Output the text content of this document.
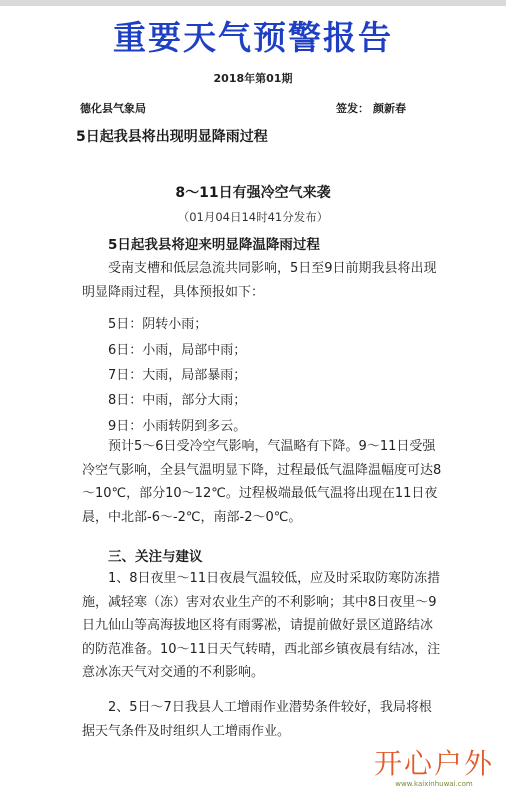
重要天气预警报告
2018年第01期
德化县气象局	签发： 颜新春
5日起我县将出现明显降雨过程
8～11日有强冷空气来袭
（01月04日14时41分发布）
5日起我县将迎来明显降温降雨过程
受南支槽和低层急流共同影响，5日至9日前期我县将出现明显降雨过程，具体预报如下：
5日：阴转小雨；
6日：小雨，局部中雨；
7日：大雨，局部暴雨；
8日：中雨，部分大雨；
9日：小雨转阴到多云。
预计5～6日受冷空气影响，气温略有下降。9～11日受强冷空气影响，全县气温明显下降，过程最低气温降温幅度可达8～10℃，部分10～12℃。过程极端最低气温将出现在11日夜晨，中北部-6～-2℃，南部-2～0℃。
三、关注与建议
1、8日夜里～11日夜晨气温较低，应及时采取防寒防冻措施，减轻寒（冻）害对农业生产的不利影响；其中8日夜里～9日九仙山等高海拔地区将有雨雾凇，请提前做好景区道路结冰的防范准备。10～11日天气转晴，西北部乡镇夜晨有结冰，注意冰冻天气对交通的不利影响。
2、5日～7日我县人工增雨作业潜势条件较好，我局将根据天气条件及时组织人工增雨作业。
开心户外
www.kaixinhuwai.com
